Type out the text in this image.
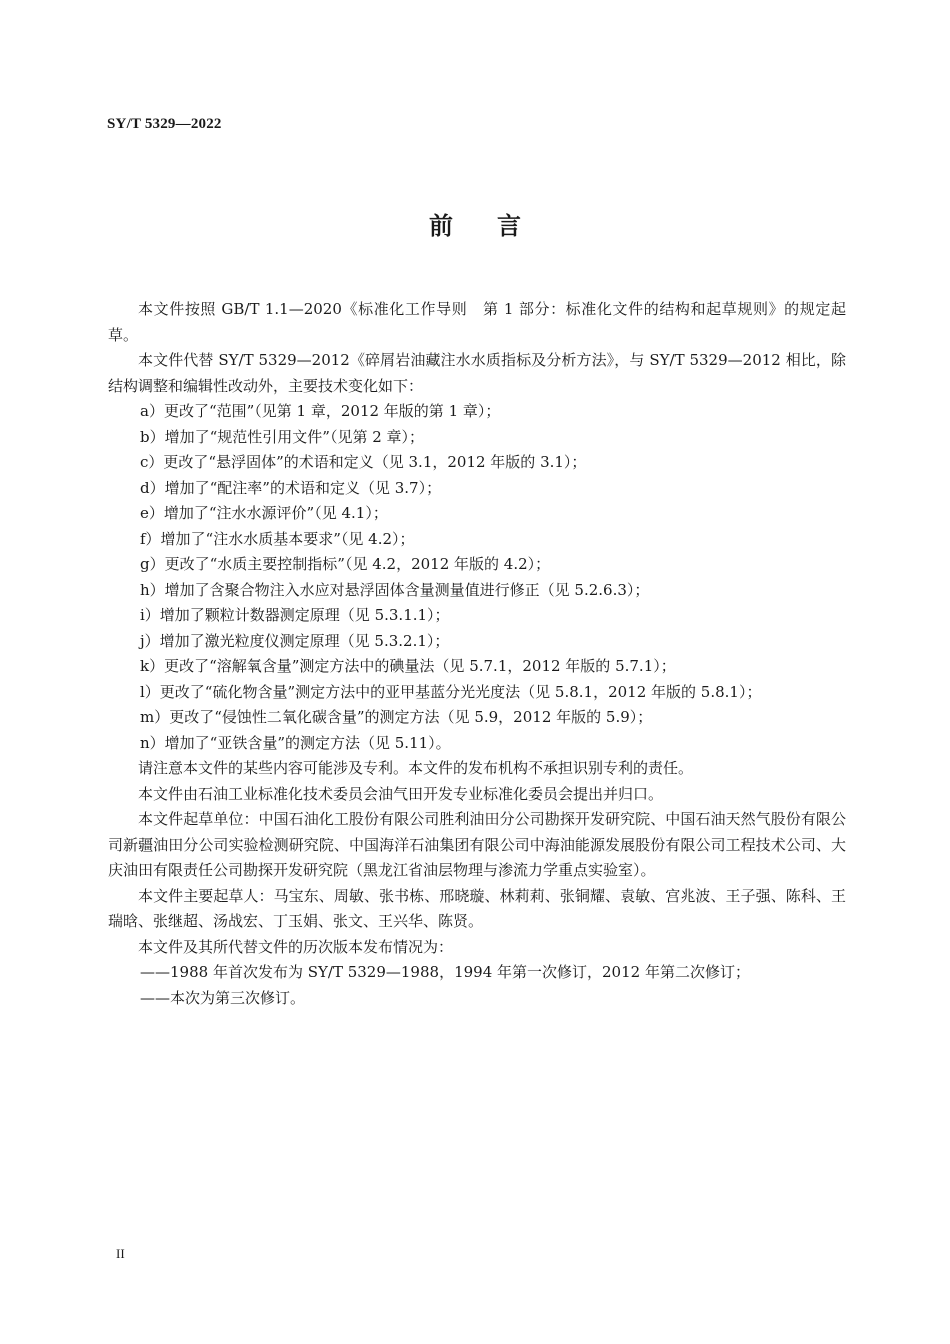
SY/T 5329—2022
前言

本文件按照 GB/T 1.1—2020《标准化工作导则　第 1 部分：标准化文件的结构和起草规则》的规定起草。

本文件代替 SY/T 5329—2012《碎屑岩油藏注水水质指标及分析方法》，与 SY/T 5329—2012 相比，除结构调整和编辑性改动外，主要技术变化如下：

a）更改了“范围”（见第 1 章，2012 年版的第 1 章）；

b）增加了“规范性引用文件”（见第 2 章）；

c）更改了“悬浮固体”的术语和定义（见 3.1，2012 年版的 3.1）；

d）增加了“配注率”的术语和定义（见 3.7）；

e）增加了“注水水源评价”（见 4.1）；

f）增加了“注水水质基本要求”（见 4.2）；

g）更改了“水质主要控制指标”（见 4.2，2012 年版的 4.2）；

h）增加了含聚合物注入水应对悬浮固体含量测量值进行修正（见 5.2.6.3）；

i）增加了颗粒计数器测定原理（见 5.3.1.1）；

j）增加了激光粒度仪测定原理（见 5.3.2.1）；

k）更改了“溶解氧含量”测定方法中的碘量法（见 5.7.1，2012 年版的 5.7.1）；

l）更改了“硫化物含量”测定方法中的亚甲基蓝分光光度法（见 5.8.1，2012 年版的 5.8.1）；

m）更改了“侵蚀性二氧化碳含量”的测定方法（见 5.9，2012 年版的 5.9）；

n）增加了“亚铁含量”的测定方法（见 5.11）。

请注意本文件的某些内容可能涉及专利。本文件的发布机构不承担识别专利的责任。

本文件由石油工业标准化技术委员会油气田开发专业标准化委员会提出并归口。

本文件起草单位：中国石油化工股份有限公司胜利油田分公司勘探开发研究院、中国石油天然气股份有限公司新疆油田分公司实验检测研究院、中国海洋石油集团有限公司中海油能源发展股份有限公司工程技术公司、大庆油田有限责任公司勘探开发研究院（黑龙江省油层物理与渗流力学重点实验室）。

本文件主要起草人：马宝东、周敏、张书栋、邢晓璇、林莉莉、张铜耀、袁敏、宫兆波、王子强、陈科、王瑞晗、张继超、汤战宏、丁玉娟、张文、王兴华、陈贤。

本文件及其所代替文件的历次版本发布情况为：

——1988 年首次发布为 SY/T 5329—1988，1994 年第一次修订，2012 年第二次修订；

——本次为第三次修订。

II
